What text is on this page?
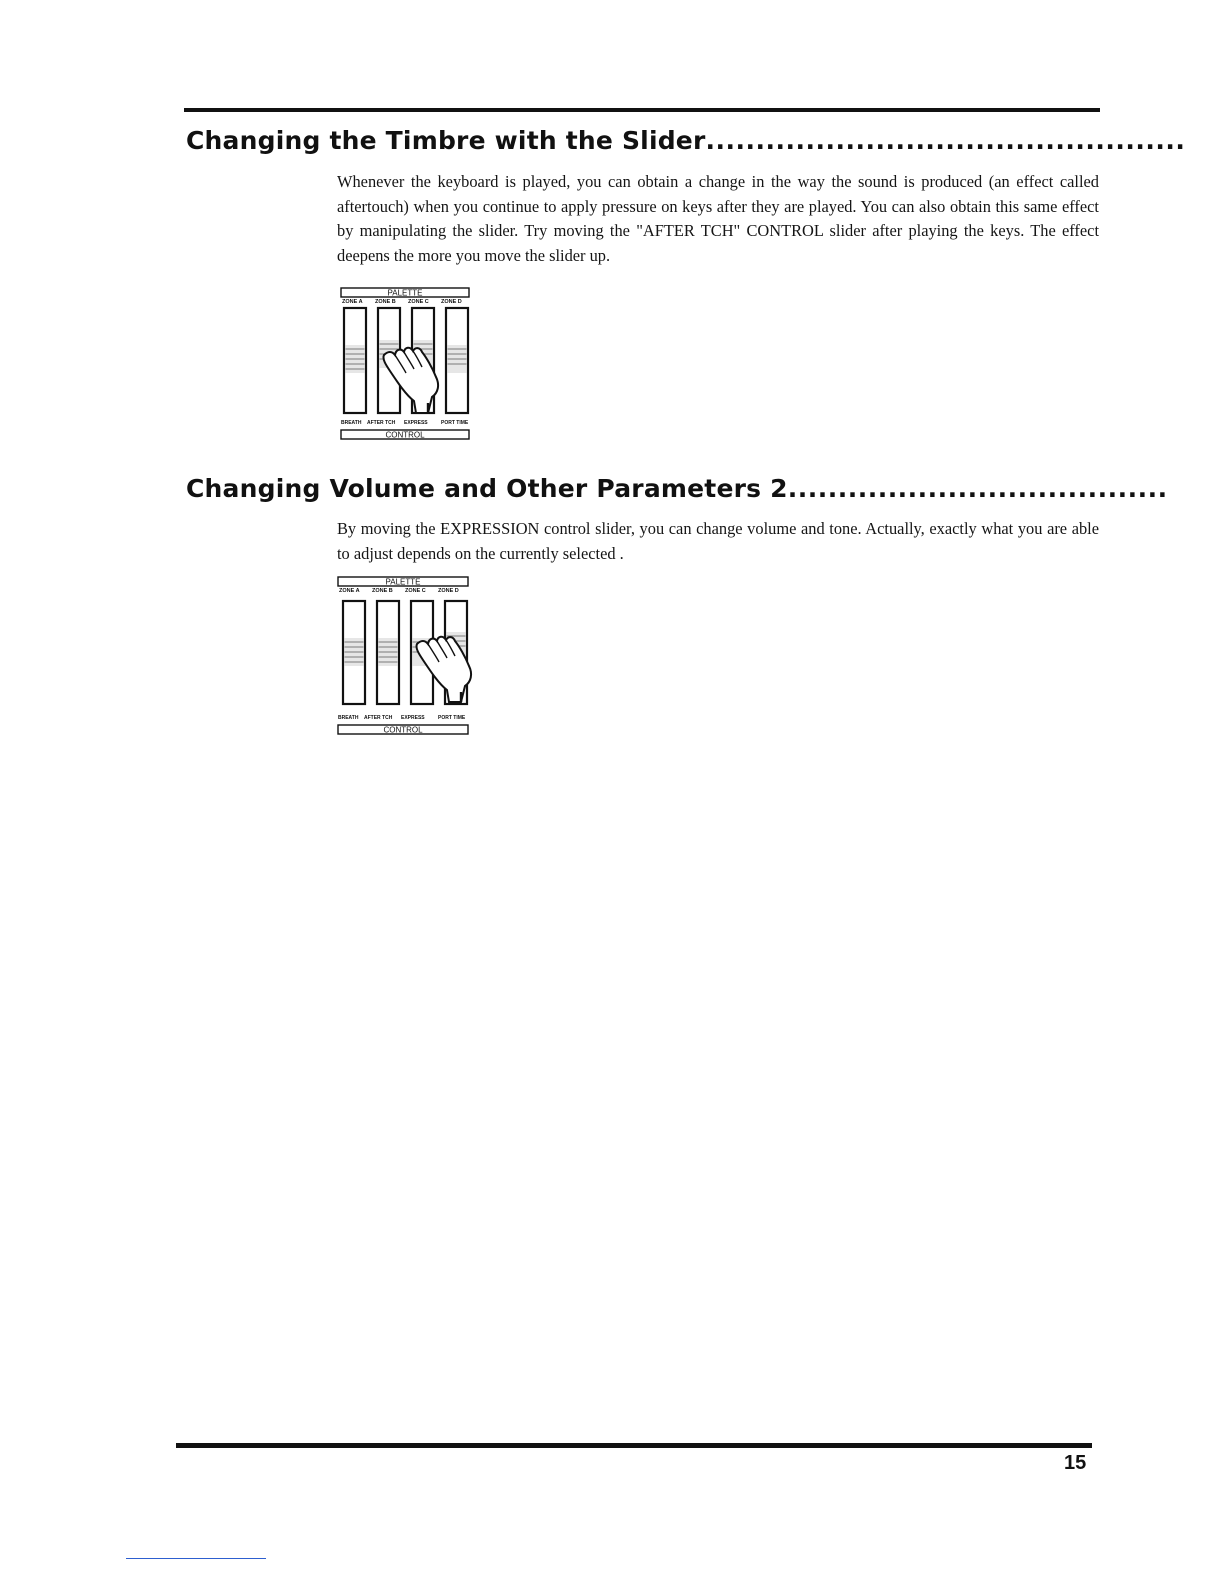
Changing the Timbre with the Slider................................................

Whenever the keyboard is played, you can obtain a change in the way the sound is produced (an effect called aftertouch) when you continue to apply pressure on keys after they are played. You can also obtain this same effect by manipulating the slider. Try moving the "AFTER TCH" CONTROL slider after playing the keys. The effect deepens the more you move the slider up.

PALETTE
ZONE A ZONE B ZONE C ZONE D
BREATH AFTER TCH EXPRESS	PORT TIME
CONTROL
Changing Volume and Other Parameters 2......................................

By moving the EXPRESSION control slider, you can change volume and tone. Actually, exactly what you are able to adjust depends on the currently selected .

PALETTE
ZONE A ZONE B ZONE C ZONE D
BREATH AFTER TCH EXPRESS	PORT TIME
CONTROL
15
